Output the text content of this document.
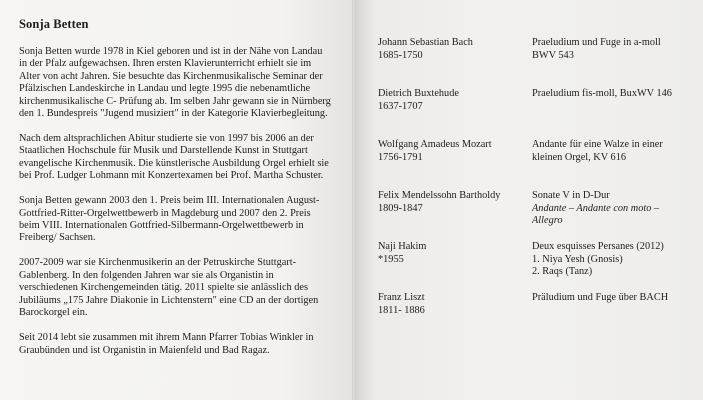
Sonja Betten

Sonja Betten wurde 1978 in Kiel geboren und ist in der Nähe von Landau
in der Pfalz aufgewachsen. Ihren ersten Klavierunterricht erhielt sie im
Alter von acht Jahren. Sie besuchte das Kirchenmusikalische Seminar der
Pfälzischen Landeskirche in Landau und legte 1995 die nebenamtliche
kirchenmusikalische C- Prüfung ab. Im selben Jahr gewann sie in Nürnberg
den 1. Bundespreis "Jugend musiziert" in der Kategorie Klavierbegleitung.

Nach dem altsprachlichen Abitur studierte sie von 1997 bis 2006 an der
Staatlichen Hochschule für Musik und Darstellende Kunst in Stuttgart
evangelische Kirchenmusik. Die künstlerische Ausbildung Orgel erhielt sie
bei Prof. Ludger Lohmann mit Konzertexamen bei Prof. Martha Schuster.

Sonja Betten gewann 2003 den 1. Preis beim III. Internationalen August-
Gottfried-Ritter-Orgelwettbewerb in Magdeburg und 2007 den 2. Preis
beim VIII. Internationalen Gottfried-Silbermann-Orgelwettbewerb in
Freiberg/ Sachsen.

2007-2009 war sie Kirchenmusikerin an der Petruskirche Stuttgart-
Gablenberg. In den folgenden Jahren war sie als Organistin in
verschiedenen Kirchengemeinden tätig. 2011 spielte sie anlässlich des
Jubiläums „175 Jahre Diakonie in Lichtenstern" eine CD an der dortigen
Barockorgel ein.

Seit 2014 lebt sie zusammen mit ihrem Mann Pfarrer Tobias Winkler in
Graubünden und ist Organistin in Maienfeld und Bad Ragaz.

Johann Sebastian Bach
1685-1750
Praeludium und Fuge in a-moll
BWV 543
Dietrich Buxtehude
1637-1707
Praeludium fis-moll, BuxWV 146
Wolfgang Amadeus Mozart
1756-1791
Andante für eine Walze in einer
kleinen Orgel, KV 616
Felix Mendelssohn Bartholdy
1809-1847
Sonate V in D-Dur
Andante – Andante con moto –
Allegro
Naji Hakim
*1955
Deux esquisses Persanes (2012)
1. Niya Yesh (Gnosis)
2. Raqs (Tanz)
Franz Liszt
1811- 1886
Präludium und Fuge über BACH
